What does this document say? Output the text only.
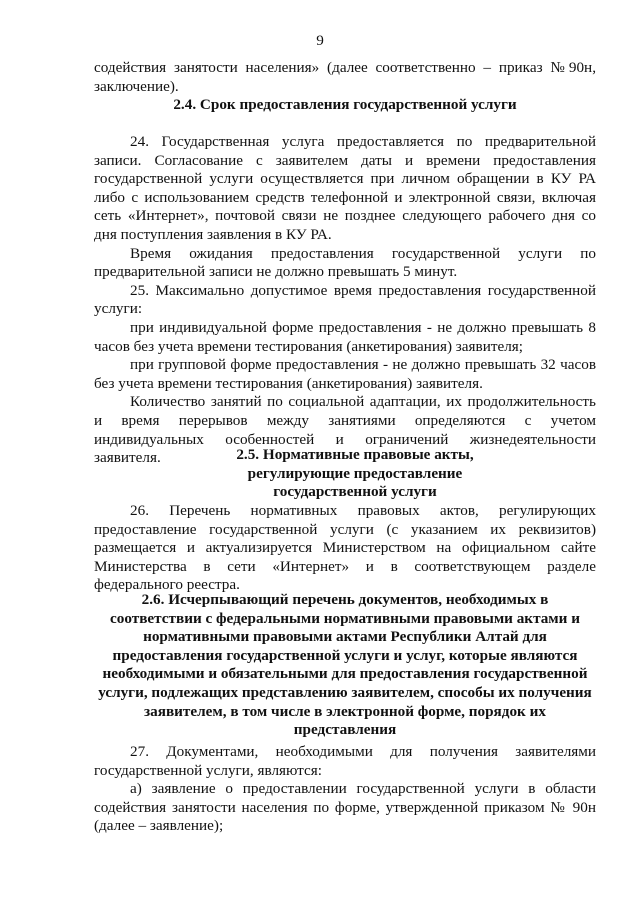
9
содействия занятости населения» (далее соответственно – приказ №90н, заключение).
2.4. Срок предоставления государственной услуги

24. Государственная услуга предоставляется по предварительной записи. Согласование с заявителем даты и времени предоставления государственной услуги осуществляется при личном обращении в КУ РА либо с использованием средств телефонной и электронной связи, включая сеть «Интернет», почтовой связи не позднее следующего рабочего дня со дня поступления заявления в КУ РА.

Время ожидания предоставления государственной услуги по предварительной записи не должно превышать 5 минут.

25. Максимально допустимое время предоставления государственной услуги:

при индивидуальной форме предоставления - не должно превышать 8 часов без учета времени тестирования (анкетирования) заявителя;

при групповой форме предоставления - не должно превышать 32 часов без учета времени тестирования (анкетирования) заявителя.

Количество занятий по социальной адаптации, их продолжительность и время перерывов между занятиями определяются с учетом индивидуальных особенностей и ограничений жизнедеятельности заявителя.	2.5. Нормативные правовые акты, регулирующие предоставление государственной услуги
26. Перечень нормативных правовых актов, регулирующих предоставление государственной услуги (с указанием их реквизитов) размещается и актуализируется Министерством на официальном сайте Министерства в сети «Интернет» и в соответствующем разделе федерального реестра.
2.6. Исчерпывающий перечень документов, необходимых в соответствии с федеральными нормативными правовыми актами и нормативными правовыми актами Республики Алтай для предоставления государственной услуги и услуг, которые являются необходимыми и обязательными для предоставления государственной услуги, подлежащих представлению заявителем, способы их получения заявителем, в том числе в электронной форме, порядок их представления

27. Документами, необходимыми для получения заявителями государственной услуги, являются:

а) заявление о предоставлении государственной услуги в области содействия занятости населения по форме, утвержденной приказом № 90н (далее – заявление);
